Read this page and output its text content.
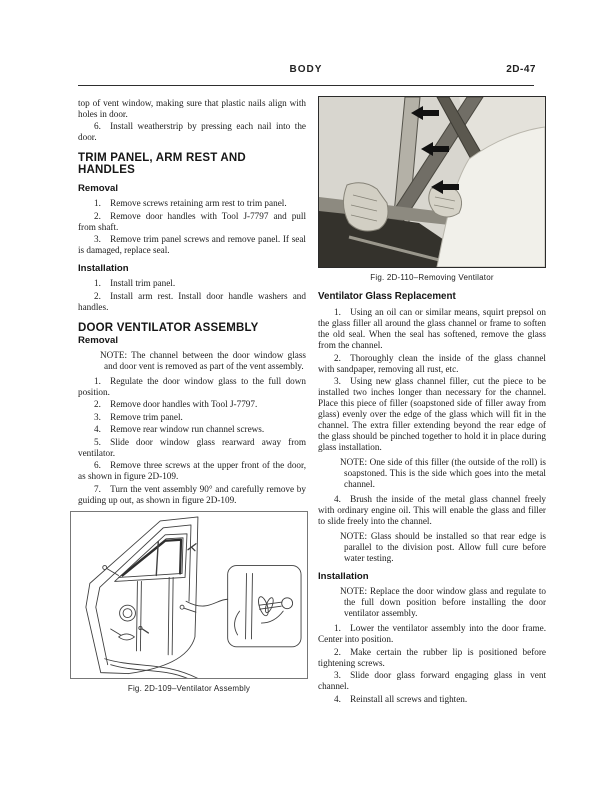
BODY	2D-47

top of vent window, making sure that plastic nails align with holes in door.

6.  Install weatherstrip by pressing each nail into the door.

TRIM PANEL, ARM REST AND HANDLES
Removal

1.  Remove screws retaining arm rest to trim panel.

2.  Remove door handles with Tool J-7797 and pull from shaft.

3.  Remove trim panel screws and remove panel. If seal is damaged, replace seal.

Installation

1.  Install trim panel.

2.  Install arm rest. Install door handle washers and handles.

DOOR VENTILATOR ASSEMBLY
Removal
NOTE: The channel between the door window glass and door vent is removed as part of the vent assembly.

1.  Regulate the door window glass to the full down position.

2.  Remove door handles with Tool J-7797.

3.  Remove trim panel.

4.  Remove rear window run channel screws.

5.  Slide door window glass rearward away from ventilator.

6.  Remove three screws at the upper front of the door, as shown in figure 2D-109.

7.  Turn the vent assembly 90° and carefully remove by guiding up out, as shown in figure 2D-109.

Fig. 2D-109–Ventilator Assembly
Fig. 2D-110–Removing Ventilator
Ventilator Glass Replacement

1.  Using an oil can or similar means, squirt prepsol on the glass filler all around the glass channel or frame to soften the old seal. When the seal has softened, remove the glass from the channel.

2.  Thoroughly clean the inside of the glass channel with sandpaper, removing all rust, etc.

3.  Using new glass channel filler, cut the piece to be installed two inches longer than necessary for the channel. Place this piece of filler (soapstoned side of filler away from glass) evenly over the edge of the glass which will fit in the channel. The extra filler extending beyond the rear edge of the glass should be pinched together to hold it in place during glass installation.

NOTE: One side of this filler (the outside of the roll) is soapstoned. This is the side which goes into the metal channel.

4.  Brush the inside of the metal glass channel freely with ordinary engine oil. This will enable the glass and filler to slide freely into the channel.

NOTE: Glass should be installed so that rear edge is parallel to the division post. Allow full cure before water testing.
Installation
NOTE: Replace the door window glass and regulate to the full down position before installing the door ventilator assembly.

1.  Lower the ventilator assembly into the door frame. Center into position.

2.  Make certain the rubber lip is positioned before tightening screws.

3.  Slide door glass forward engaging glass in vent channel.

4.  Reinstall all screws and tighten.
